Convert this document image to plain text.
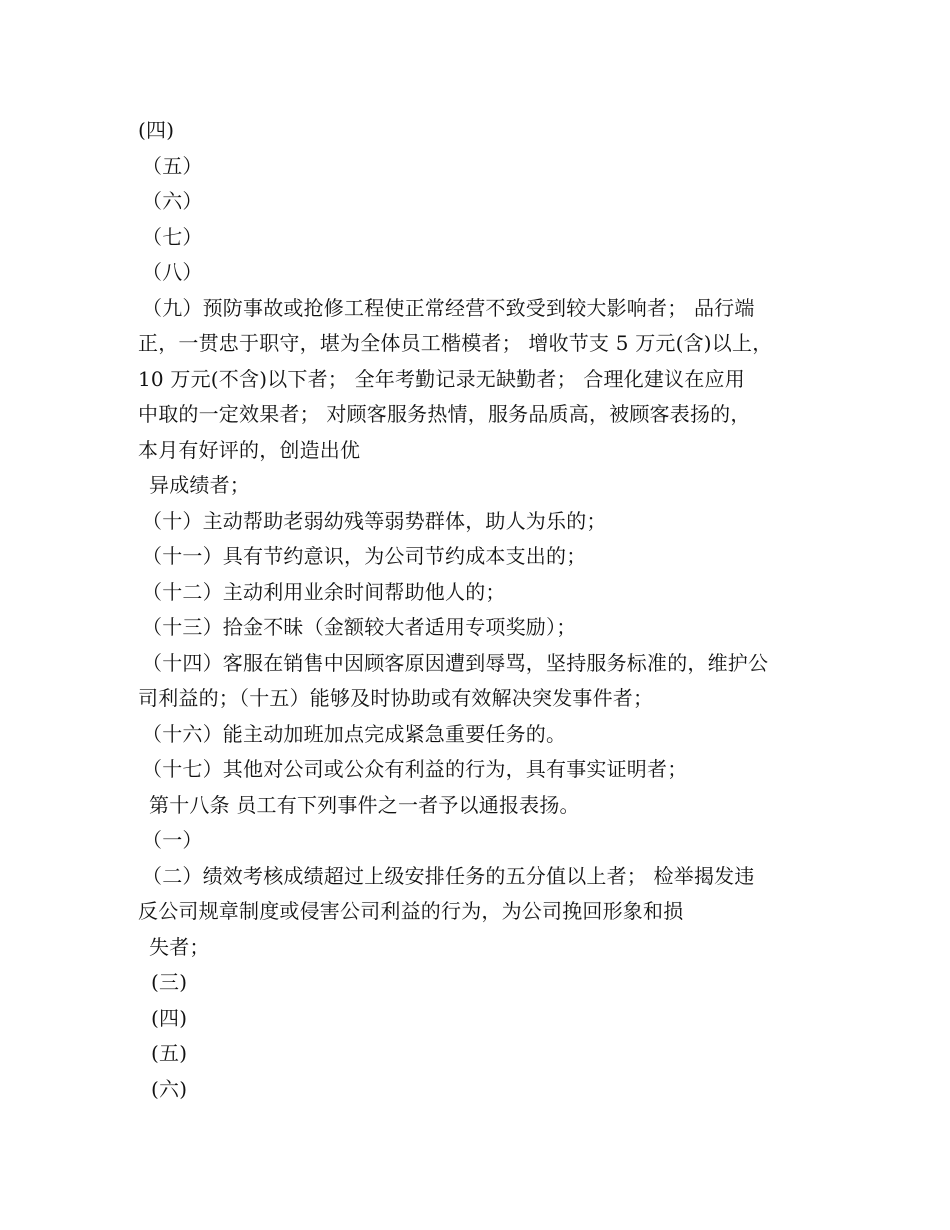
(四)
（五）
（六）
（七）
（八）
（九）预防事故或抢修工程使正常经营不致受到较大影响者； 品行端
正，一贯忠于职守，堪为全体员工楷模者； 增收节支 5 万元(含)以上，
10 万元(不含)以下者； 全年考勤记录无缺勤者； 合理化建议在应用
中取的一定效果者； 对顾客服务热情，服务品质高，被顾客表扬的，
本月有好评的，创造出优
异成绩者；
（十）主动帮助老弱幼残等弱势群体，助人为乐的；
（十一）具有节约意识，为公司节约成本支出的；
（十二）主动利用业余时间帮助他人的；
（十三）拾金不昧（金额较大者适用专项奖励）；
（十四）客服在销售中因顾客原因遭到辱骂，坚持服务标准的，维护公
司利益的；（十五）能够及时协助或有效解决突发事件者；
（十六）能主动加班加点完成紧急重要任务的。
（十七）其他对公司或公众有利益的行为，具有事实证明者；
第十八条 员工有下列事件之一者予以通报表扬。
（一）
（二）绩效考核成绩超过上级安排任务的五分值以上者； 检举揭发违
反公司规章制度或侵害公司利益的行为，为公司挽回形象和损
失者；
(三)
(四)
(五)
(六)
